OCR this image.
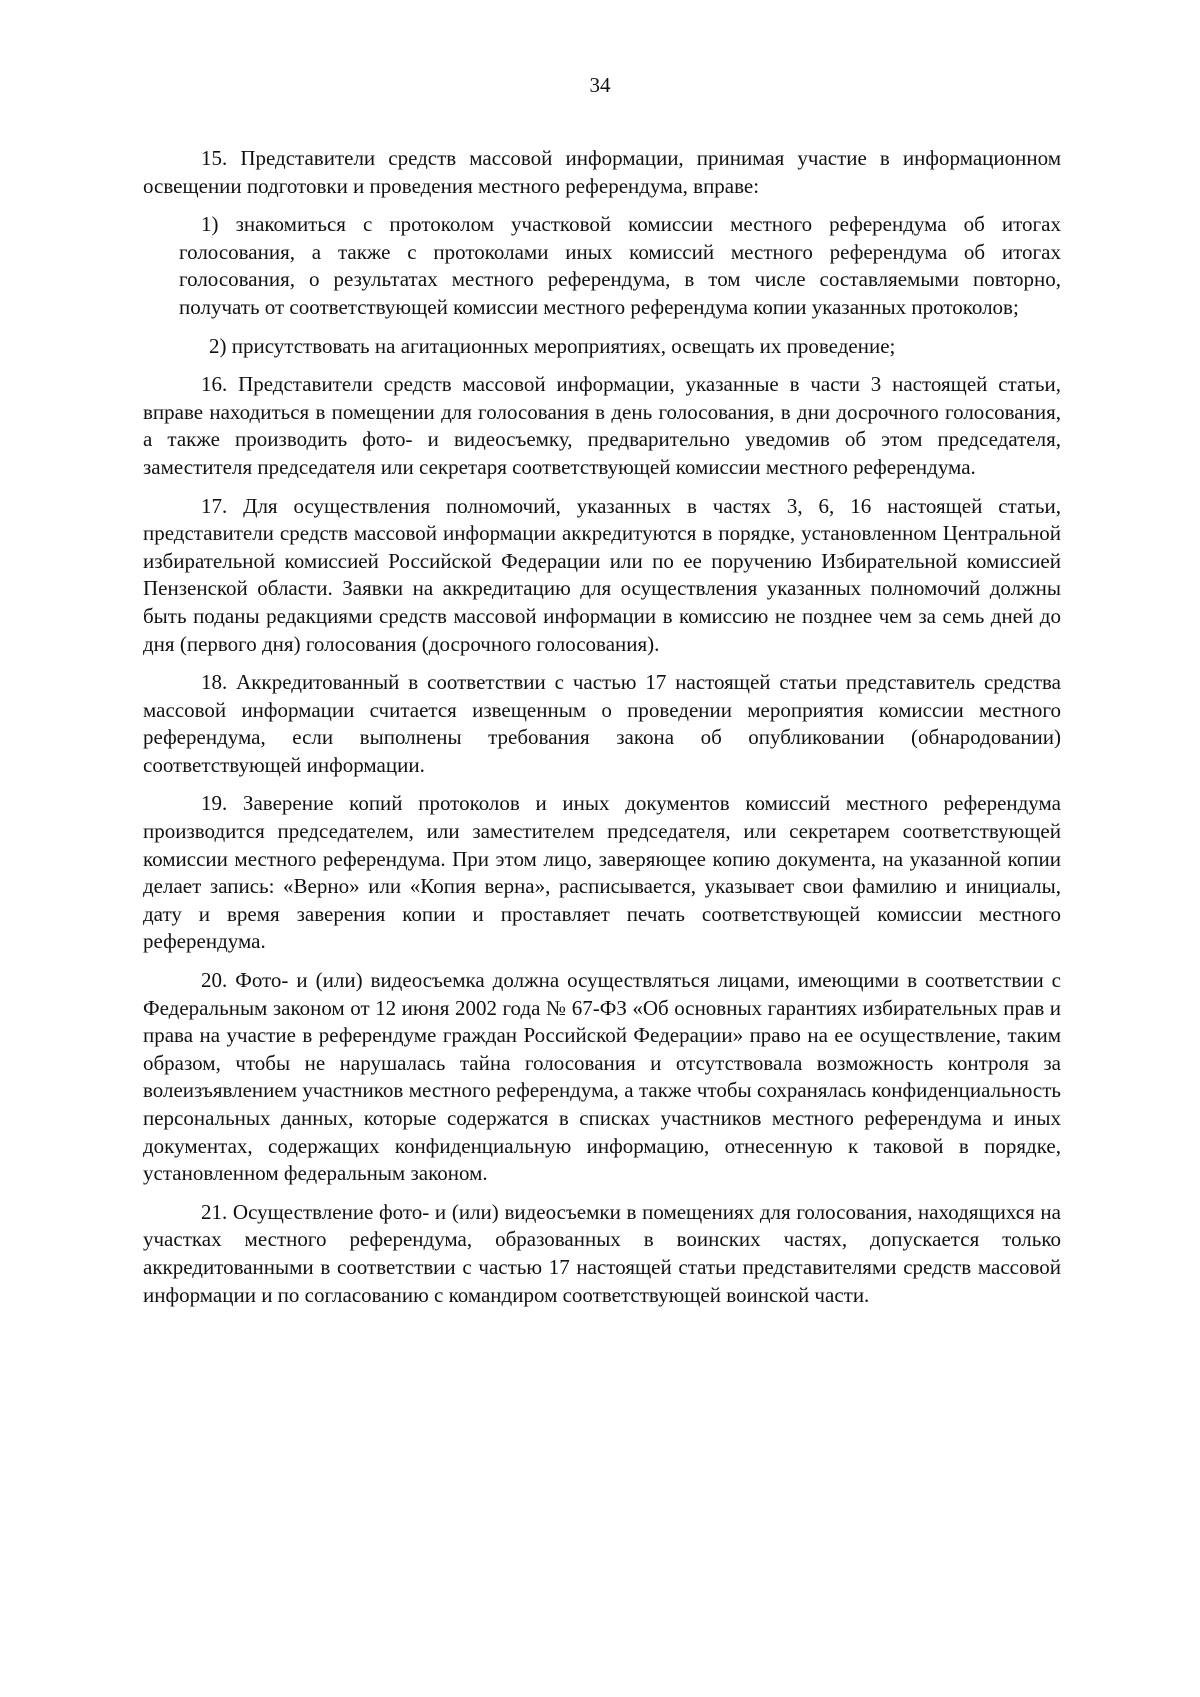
34

15. Представители средств массовой информации, принимая участие в информационном освещении подготовки и проведения местного референдума, вправе:

1) знакомиться с протоколом участковой комиссии местного референдума об итогах голосования, а также с протоколами иных комиссий местного референдума об итогах голосования, о результатах местного референдума, в том числе составляемыми повторно, получать от соответствующей комиссии местного референдума копии указанных протоколов;

2) присутствовать на агитационных мероприятиях, освещать их проведение;

16. Представители средств массовой информации, указанные в части 3 настоящей статьи, вправе находиться в помещении для голосования в день голосования, в дни досрочного голосования, а также производить фото- и видеосъемку, предварительно уведомив об этом председателя, заместителя председателя или секретаря соответствующей комиссии местного референдума.

17. Для осуществления полномочий, указанных в частях 3, 6, 16 настоящей статьи, представители средств массовой информации аккредитуются в порядке, установленном Центральной избирательной комиссией Российской Федерации или по ее поручению Избирательной комиссией Пензенской области. Заявки на аккредитацию для осуществления указанных полномочий должны быть поданы редакциями средств массовой информации в комиссию не позднее чем за семь дней до дня (первого дня) голосования (досрочного голосования).

18. Аккредитованный в соответствии с частью 17 настоящей статьи представитель средства массовой информации считается извещенным о проведении мероприятия комиссии местного референдума, если выполнены требования закона об опубликовании (обнародовании) соответствующей информации.

19. Заверение копий протоколов и иных документов комиссий местного референдума производится председателем, или заместителем председателя, или секретарем соответствующей комиссии местного референдума. При этом лицо, заверяющее копию документа, на указанной копии делает запись: «Верно» или «Копия верна», расписывается, указывает свои фамилию и инициалы, дату и время заверения копии и проставляет печать соответствующей комиссии местного референдума.

20. Фото- и (или) видеосъемка должна осуществляться лицами, имеющими в соответствии с Федеральным законом от 12 июня 2002 года № 67-ФЗ «Об основных гарантиях избирательных прав и права на участие в референдуме граждан Российской Федерации» право на ее осуществление, таким образом, чтобы не нарушалась тайна голосования и отсутствовала возможность контроля за волеизъявлением участников местного референдума, а также чтобы сохранялась конфиденциальность персональных данных, которые содержатся в списках участников местного референдума и иных документах, содержащих конфиденциальную информацию, отнесенную к таковой в порядке, установленном федеральным законом.

21. Осуществление фото- и (или) видеосъемки в помещениях для голосования, находящихся на участках местного референдума, образованных в воинских частях, допускается только аккредитованными в соответствии с частью 17 настоящей статьи представителями средств массовой информации и по согласованию с командиром соответствующей воинской части.
